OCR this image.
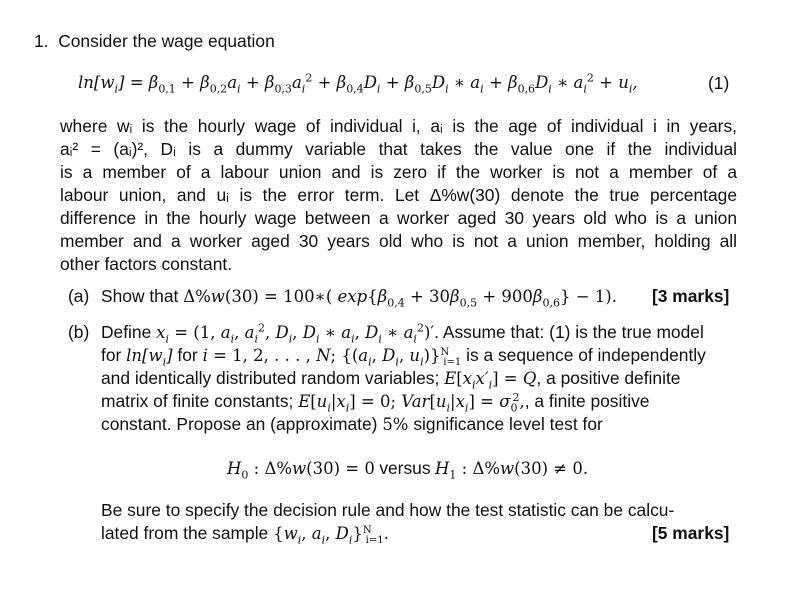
1. Consider the wage equation
$\ln[w_i] = \beta_{0,1} + \beta_{0,2}a_i + \beta_{0,3}a_i^2 + \beta_{0,4}D_i + \beta_{0,5}D_i$ ∗ $a_i + \beta_{0,6}D_i$ ∗ $a_i^2 + u_i$,	(1)
where wᵢ is the hourly wage of individual i, aᵢ is the age of individual i in years,
aᵢ² = (aᵢ)², Dᵢ is a dummy variable that takes the value one if the individual
is a member of a labour union and is zero if the worker is not a member of a
labour union, and uᵢ is the error term. Let Δ%w(30) denote the true percentage
difference in the hourly wage between a worker aged 30 years old who is a union
member and a worker aged 30 years old who is not a union member, holding all
other factors constant.
(a) Show that Δ%w(30) = 100∗( $\exp\{\beta_{0,4} + 30\beta_{0,5} + 900\beta_{0,6}\} - 1$). [3 marks]
(b) Define $x_i = (1$, $a_i$, $a_i^2$, $D_i$, $D_i$ ∗ $a_i$, $D_i$ ∗ $a_i^2)'$. Assume that: (1) is the true model
for $\ln[w_i]$ for i = 1, 2, . . . , N; {($a_i$, $D_i$, $u_i)\}^N_{i=1}$ is a sequence of independently
and identically distributed random variables; $E[x_ix'_i] = Q$, a positive definite
matrix of finite constants; $E[u_i|x_i] = 0$; $Var[u_i|x_i] = \sigma_0^2$,, a finite positive
constant. Propose an (approximate) 5% significance level test for
$H_0$ : Δ%w(30) = 0 versus $H_1$ : Δ%w(30) ≠ 0.
Be sure to specify the decision rule and how the test statistic can be calcu-
lated from the sample {$w_i$, $a_i$, $D_i\}^N_{i=1}$.	[5 marks]
